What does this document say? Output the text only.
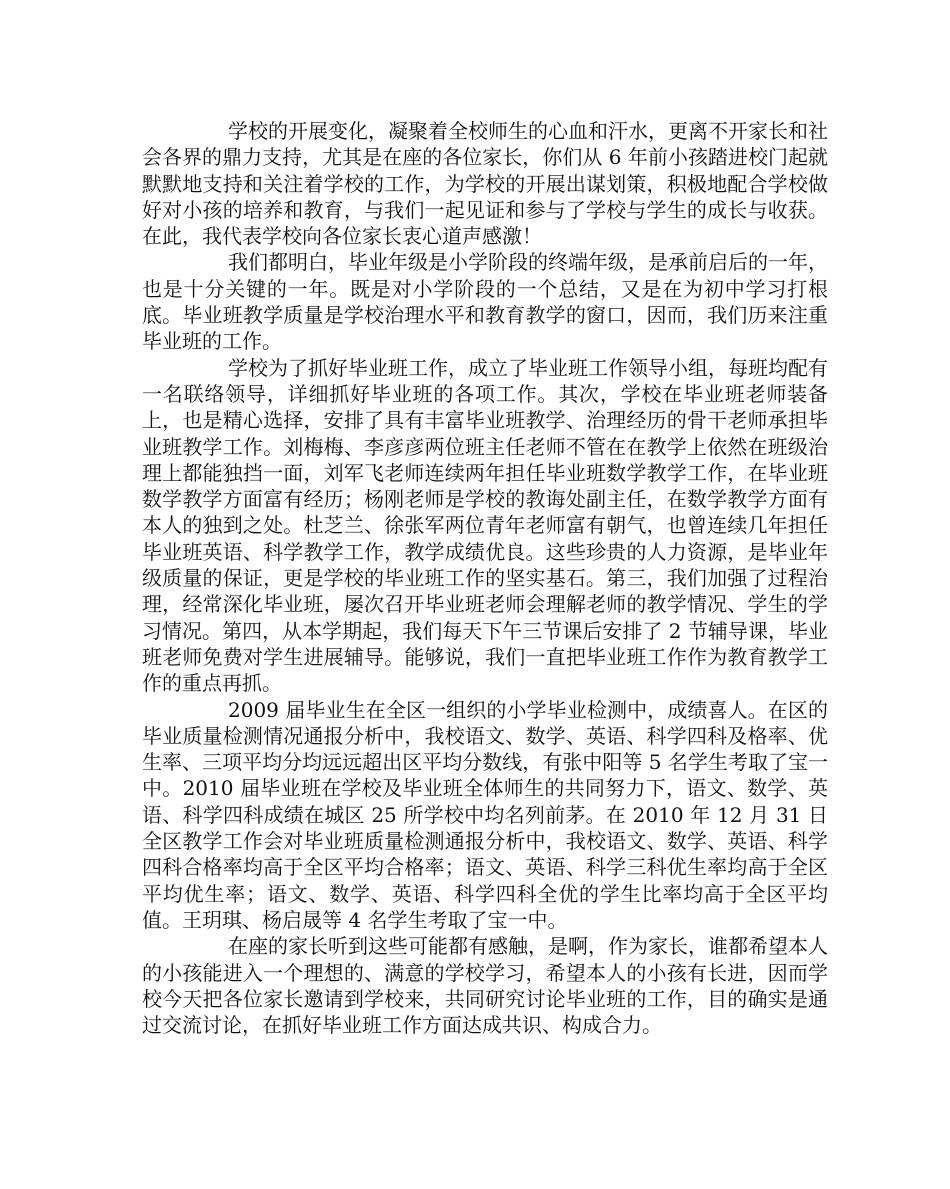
学校的开展变化，凝聚着全校师生的心血和汗水，更离不开家长和社会各界的鼎力支持，尤其是在座的各位家长，你们从 6 年前小孩踏进校门起就默默地支持和关注着学校的工作，为学校的开展出谋划策，积极地配合学校做好对小孩的培养和教育，与我们一起见证和参与了学校与学生的成长与收获。在此，我代表学校向各位家长衷心道声感激！

我们都明白，毕业年级是小学阶段的终端年级，是承前启后的一年，也是十分关键的一年。既是对小学阶段的一个总结，又是在为初中学习打根底。毕业班教学质量是学校治理水平和教育教学的窗口，因而，我们历来注重毕业班的工作。

学校为了抓好毕业班工作，成立了毕业班工作领导小组，每班均配有一名联络领导，详细抓好毕业班的各项工作。其次，学校在毕业班老师装备上，也是精心选择，安排了具有丰富毕业班教学、治理经历的骨干老师承担毕业班教学工作。刘梅梅、李彦彦两位班主任老师不管在在教学上依然在班级治理上都能独挡一面，刘军飞老师连续两年担任毕业班数学教学工作，在毕业班数学教学方面富有经历；杨刚老师是学校的教诲处副主任，在数学教学方面有本人的独到之处。杜芝兰、徐张军两位青年老师富有朝气，也曾连续几年担任毕业班英语、科学教学工作，教学成绩优良。这些珍贵的人力资源，是毕业年级质量的保证，更是学校的毕业班工作的坚实基石。第三，我们加强了过程治理，经常深化毕业班，屡次召开毕业班老师会理解老师的教学情况、学生的学习情况。第四，从本学期起，我们每天下午三节课后安排了 2 节辅导课，毕业班老师免费对学生进展辅导。能够说，我们一直把毕业班工作作为教育教学工作的重点再抓。

2009 届毕业生在全区一组织的小学毕业检测中，成绩喜人。在区的毕业质量检测情况通报分析中，我校语文、数学、英语、科学四科及格率、优生率、三项平均分均远远超出区平均分数线，有张中阳等 5 名学生考取了宝一中。2010 届毕业班在学校及毕业班全体师生的共同努力下，语文、数学、英语、科学四科成绩在城区 25 所学校中均名列前茅。在 2010 年 12 月 31 日全区教学工作会对毕业班质量检测通报分析中，我校语文、数学、英语、科学四科合格率均高于全区平均合格率；语文、英语、科学三科优生率均高于全区平均优生率；语文、数学、英语、科学四科全优的学生比率均高于全区平均值。王玥琪、杨启晟等 4 名学生考取了宝一中。

在座的家长听到这些可能都有感触，是啊，作为家长，谁都希望本人的小孩能进入一个理想的、满意的学校学习，希望本人的小孩有长进，因而学校今天把各位家长邀请到学校来，共同研究讨论毕业班的工作，目的确实是通过交流讨论，在抓好毕业班工作方面达成共识、构成合力。
